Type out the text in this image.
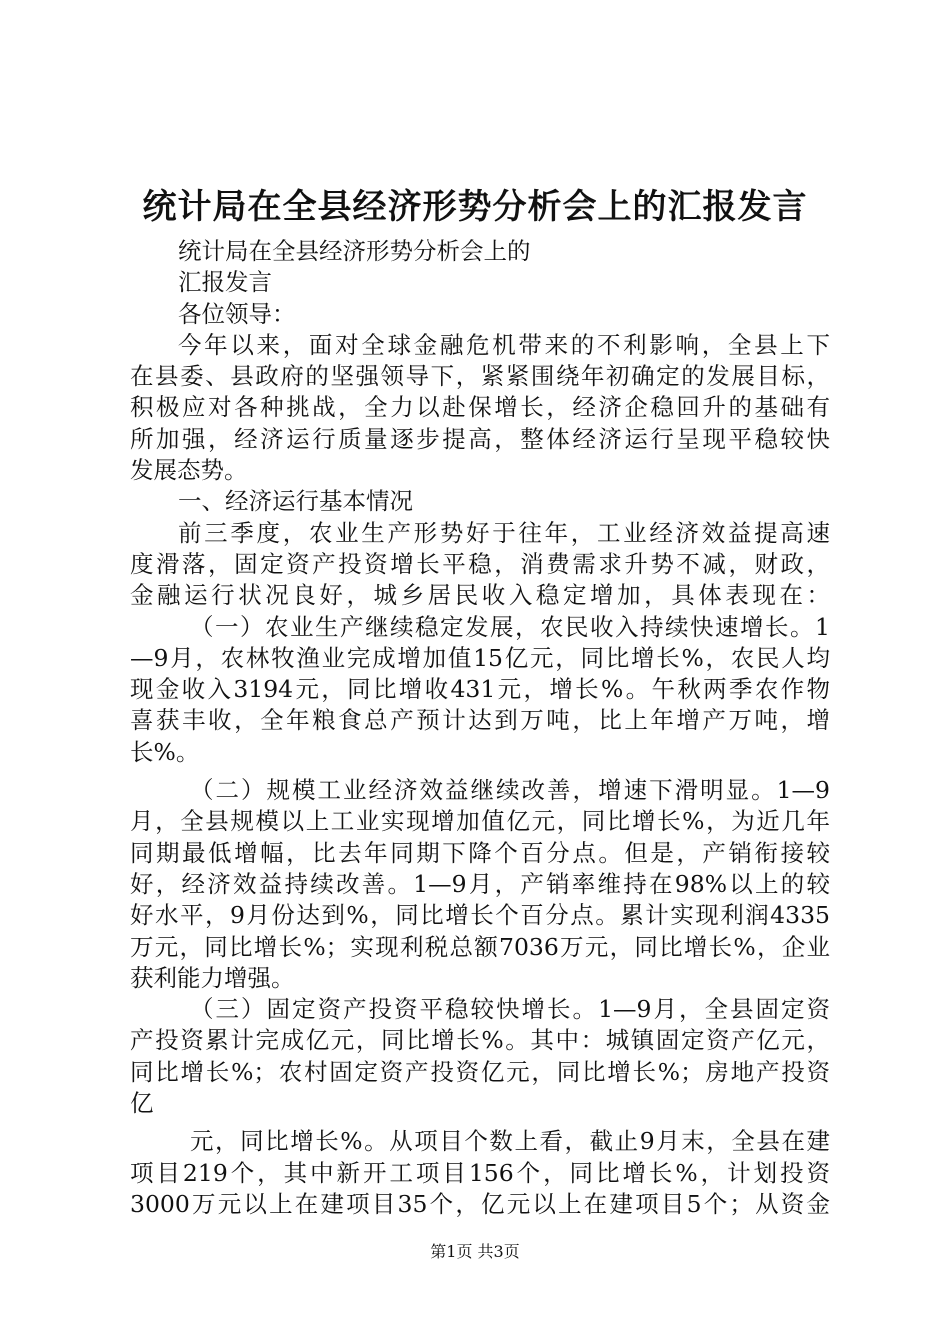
统计局在全县经济形势分析会上的汇报发言
统计局在全县经济形势分析会上的
汇报发言
各位领导：
今年以来，面对全球金融危机带来的不利影响，全县上下
在县委、县政府的坚强领导下，紧紧围绕年初确定的发展目标，
积极应对各种挑战，全力以赴保增长，经济企稳回升的基础有
所加强，经济运行质量逐步提高，整体经济运行呈现平稳较快
发展态势。
一、经济运行基本情况
前三季度，农业生产形势好于往年，工业经济效益提高速
度滑落，固定资产投资增长平稳，消费需求升势不减，财政，
金融运行状况良好，城乡居民收入稳定增加，具体表现在：
（一）农业生产继续稳定发展，农民收入持续快速增长。1
—9月，农林牧渔业完成增加值15亿元，同比增长%，农民人均
现金收入3194元，同比增收431元，增长%。午秋两季农作物
喜获丰收，全年粮食总产预计达到万吨，比上年增产万吨，增
长%。
（二）规模工业经济效益继续改善，增速下滑明显。1—9
月，全县规模以上工业实现增加值亿元，同比增长%，为近几年
同期最低增幅，比去年同期下降个百分点。但是，产销衔接较
好，经济效益持续改善。1—9月，产销率维持在98%以上的较
好水平，9月份达到%，同比增长个百分点。累计实现利润4335
万元，同比增长%；实现利税总额7036万元，同比增长%，企业
获利能力增强。
（三）固定资产投资平稳较快增长。1—9月，全县固定资
产投资累计完成亿元，同比增长%。其中：城镇固定资产亿元，
同比增长%；农村固定资产投资亿元，同比增长%；房地产投资
亿
元，同比增长%。从项目个数上看，截止9月末，全县在建
项目219个，其中新开工项目156个，同比增长%，计划投资
3000万元以上在建项目35个，亿元以上在建项目5个；从资金
第1页 共3页
